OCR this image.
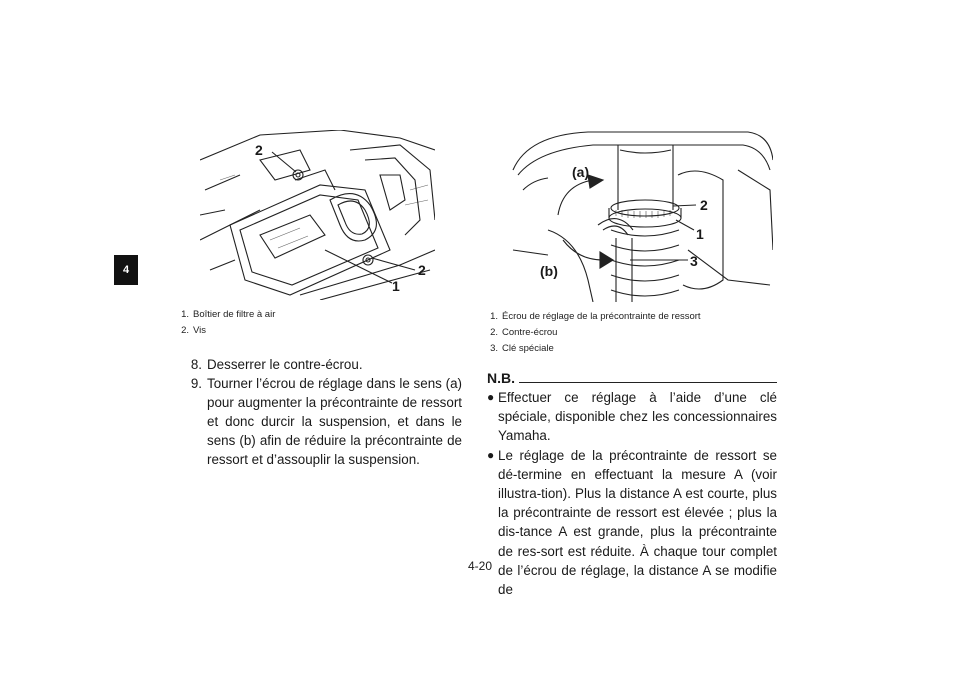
4
2
2
1
1. Boîtier de filtre à air
2. Vis
8. Desserrer le contre-écrou.
9. Tourner l’écrou de réglage dans le sens (a) pour augmenter la précontrainte de ressort et donc durcir la suspension, et dans le sens (b) afin de réduire la précontrainte de ressort et d’assouplir la suspension.
(a)
2
1
3
(b)
1. Écrou de réglage de la précontrainte de ressort
2. Contre-écrou
3. Clé spéciale
N.B.
● Effectuer ce réglage à l’aide d’une clé spéciale, disponible chez les concessionnaires Yamaha.
● Le réglage de la précontrainte de ressort se dé-termine en effectuant la mesure A (voir illustra-tion). Plus la distance A est courte, plus la précontrainte de ressort est élevée ; plus la dis-tance A est grande, plus la précontrainte de res-sort est réduite. À chaque tour complet de l’écrou de réglage, la distance A se modifie de
4-20
